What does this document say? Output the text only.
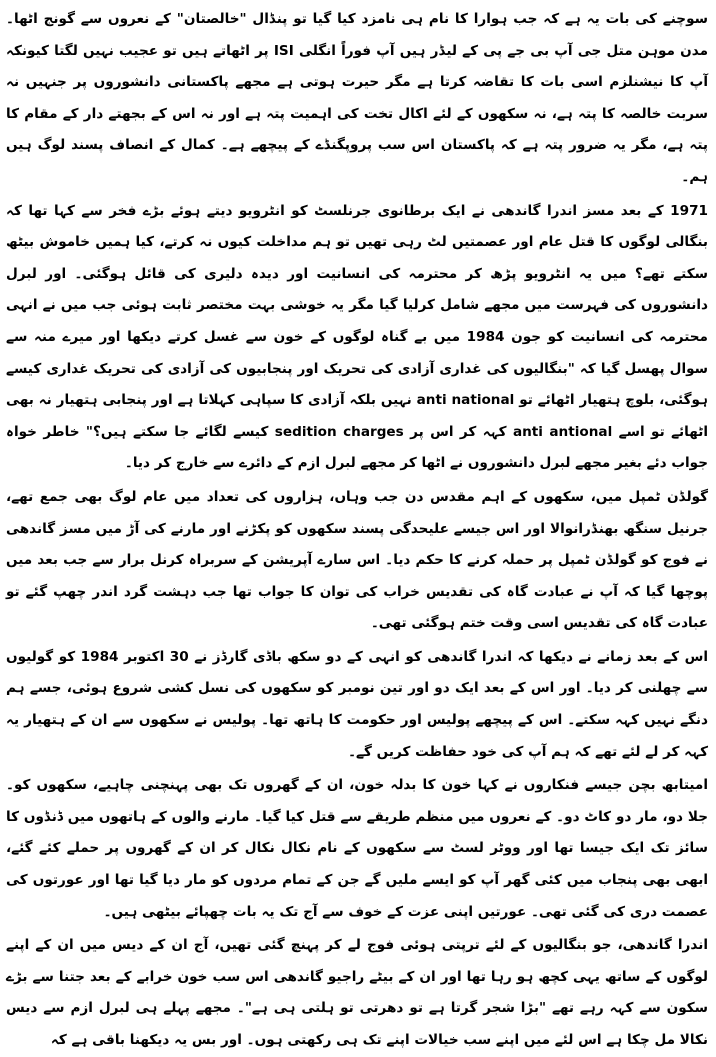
سوچنے کی بات یہ ہے کہ جب ہوارا کا نام ہی نامزد کیا گیا تو پنڈال "خالصتان" کے نعروں سے گونج اٹھا۔ مدن موہن متل جی آپ بی جے پی کے لیڈر ہیں آپ فوراً انگلی ISI پر اٹھاتے ہیں تو عجیب نہیں لگتا کیونکہ آپ کا نیشنلزم اسی بات کا تقاضہ کرتا ہے مگر حیرت ہوتی ہے مجھے پاکستانی دانشوروں پر جنہیں نہ سربت خالصہ کا پتہ ہے، نہ سکھوں کے لئے اکال تخت کی اہمیت پتہ ہے اور نہ اس کے بجھتے دار کے مقام کا پتہ ہے، مگر یہ ضرور پتہ ہے کہ پاکستان اس سب پروپگنڈے کے پیچھے ہے۔ کمال کے انصاف پسند لوگ ہیں ہم۔

1971 کے بعد مسز اندرا گاندھی نے ایک برطانوی جرنلسٹ کو انٹرویو دیتے ہوئے بڑے فخر سے کہا تھا کہ بنگالی لوگوں کا قتل عام اور عصمتیں لٹ رہی تھیں تو ہم مداخلت کیوں نہ کرتے، کیا ہمیں خاموش بیٹھ سکتے تھے؟ میں یہ انٹرویو پڑھ کر محترمہ کی انسانیت اور دیدہ دلیری کی قائل ہوگئی۔ اور لبرل دانشوروں کی فہرست میں مجھے شامل کرلیا گیا مگر یہ خوشی بہت مختصر ثابت ہوئی جب میں نے انہی محترمہ کی انسانیت کو جون 1984 میں بے گناہ لوگوں کے خون سے غسل کرتے دیکھا اور میرے منہ سے سوال پھسل گیا کہ "بنگالیوں کی غداری آزادی کی تحریک اور پنجابیوں کی آزادی کی تحریک غداری کیسے ہوگئی، بلوچ ہتھیار اٹھائے تو anti national نہیں بلکہ آزادی کا سپاہی کہلاتا ہے اور پنجابی ہتھیار نہ بھی اٹھائے تو اسے anti antional کہہ کر اس پر sedition charges کیسے لگائے جا سکتے ہیں؟" خاطر خواہ جواب دئے بغیر مجھے لبرل دانشوروں نے اٹھا کر مجھے لبرل ازم کے دائرے سے خارج کر دیا۔

گولڈن ٹمپل میں، سکھوں کے اہم مقدس دن جب وہاں، ہزاروں کی تعداد میں عام لوگ بھی جمع تھے، جرنیل سنگھ بھنڈرانوالا اور اس جیسے علیحدگی پسند سکھوں کو پکڑنے اور مارنے کی آڑ میں مسز گاندھی نے فوج کو گولڈن ٹمپل پر حملہ کرنے کا حکم دیا۔ اس سارے آپریشن کے سربراہ کرنل برار سے جب بعد میں پوچھا گیا کہ آپ نے عبادت گاہ کی تقدیس خراب کی توان کا جواب تھا جب دہشت گرد اندر چھپ گئے تو عبادت گاہ کی تقدیس اسی وقت ختم ہوگئی تھی۔

اس کے بعد زمانے نے دیکھا کہ اندرا گاندھی کو انہی کے دو سکھ باڈی گارڈز نے 30 اکتوبر 1984 کو گولیوں سے چھلنی کر دیا۔ اور اس کے بعد ایک دو اور تین نومبر کو سکھوں کی نسل کشی شروع ہوئی، جسے ہم دنگے نہیں کہہ سکتے۔ اس کے پیچھے پولیس اور حکومت کا ہاتھ تھا۔ پولیس نے سکھوں سے ان کے ہتھیار یہ کہہ کر لے لئے تھے کہ ہم آپ کی خود حفاظت کریں گے۔

امیتابھ بچن جیسے فنکاروں نے کہا خون کا بدلہ خون، ان کے گھروں تک بھی پہنچنی چاہیے، سکھوں کو۔ جلا دو، مار دو کاٹ دو۔ کے نعروں میں منظم طریقے سے قتل کیا گیا۔ مارنے والوں کے ہاتھوں میں ڈنڈوں کا سائز تک ایک جیسا تھا اور ووٹر لسٹ سے سکھوں کے نام نکال نکال کر ان کے گھروں پر حملے کئے گئے، ابھی بھی پنجاب میں کئی گھر آپ کو ایسے ملیں گے جن کے تمام مردوں کو مار دیا گیا تھا اور عورتوں کی عصمت دری کی گئی تھی۔ عورتیں اپنی عزت کے خوف سے آج تک یہ بات چھپائے بیٹھی ہیں۔

اندرا گاندھی، جو بنگالیوں کے لئے ترپتی ہوئی فوج لے کر پہنچ گئی تھیں، آج ان کے دیس میں ان کے اپنے لوگوں کے ساتھ یہی کچھ ہو رہا تھا اور ان کے بیٹے راجیو گاندھی اس سب خون خرابے کے بعد جتنا سے بڑے سکون سے کہہ رہے تھے "بڑا شجر گرتا ہے تو دھرتی تو ہلتی ہی ہے"۔ مجھے پہلے ہی لبرل ازم سے دیس نکالا مل چکا ہے اس لئے میں اپنے سب خیالات اپنے تک ہی رکھتی ہوں۔ اور بس یہ دیکھنا باقی ہے کہ
